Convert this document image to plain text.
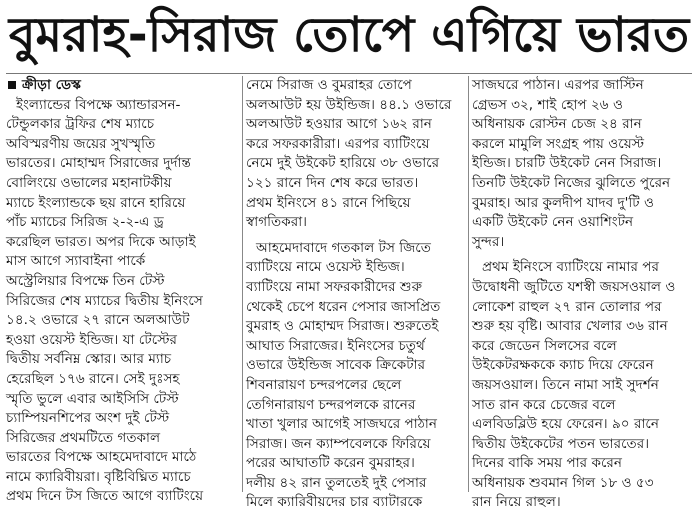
বুমরাহ-সিরাজ তোপে এগিয়ে ভারত
ক্রীড়া ডেস্ক
ইংল্যান্ডের বিপক্ষে অ্যান্ডারসন-
টেন্ডুলকার ট্রফির শেষ ম্যাচে
অবিস্মরণীয় জয়ের সুখস্মৃতি
ভারতের। মোহাম্মদ সিরাজের দুর্দান্ত
বোলিংয়ে ওভালের মহানাটকীয়
ম্যাচে ইংল্যান্ডকে ছয় রানে হারিয়ে
পাঁচ ম্যাচের সিরিজ ২-২-এ ড্র
করেছিল ভারত। অপর দিকে আড়াই
মাস আগে স্যাবাইনা পার্কে
অস্ট্রেলিয়ার বিপক্ষে তিন টেস্ট
সিরিজের শেষ ম্যাচের দ্বিতীয় ইনিংসে
১৪.২ ওভারে ২৭ রানে অলআউট
হওয়া ওয়েস্ট ইন্ডিজ। যা টেস্টের
দ্বিতীয় সর্বনিম্ন স্কোর। আর ম্যাচ
হেরেছিল ১৭৬ রানে। সেই দুঃসহ
স্মৃতি ভুলে এবার আইসিসি টেস্ট
চ্যাম্পিয়নশিপের অংশ দুই টেস্ট
সিরিজের প্রথমটিতে গতকাল
ভারতের বিপক্ষে আহমেদাবাদে মাঠে
নামে ক্যারিবীয়রা। বৃষ্টিবিঘ্নিত ম্যাচে
প্রথম দিনে টস জিতে আগে ব্যাটিংয়ে
নেমে সিরাজ ও বুমরাহর তোপে
অলআউট হয় উইন্ডিজ। ৪৪.১ ওভারে
অলআউট হওয়ার আগে ১৬২ রান
করে সফরকারীরা। এরপর ব্যাটিংয়ে
নেমে দুই উইকেট হারিয়ে ৩৮ ওভারে
১২১ রানে দিন শেষ করে ভারত।
প্রথম ইনিংসে ৪১ রানে পিছিয়ে
স্বাগতিকরা।
আহমেদাবাদে গতকাল টস জিতে
ব্যাটিংয়ে নামে ওয়েস্ট ইন্ডিজ।
ব্যাটিংয়ে নামা সফরকারীদের শুরু
থেকেই চেপে ধরেন পেসার জাসপ্রিত
বুমরাহ ও মোহাম্মদ সিরাজ। শুরুতেই
আঘাত সিরাজের। ইনিংসের চতুর্থ
ওভারে উইন্ডিজ সাবেক ক্রিকেটার
শিবনারায়ণ চন্দরপলের ছেলে
তেগিনারায়ণ চন্দরপলকে রানের
খাতা খুলার আগেই সাজঘরে পাঠান
সিরাজ। জন ক্যাম্পবেলকে ফিরিয়ে
পরের আঘাতটি করেন বুমরাহর।
দলীয় ৪২ রান তুলতেই দুই পেসার
মিলে ক্যারিবীয়দের চার ব্যাটারকে
সাজঘরে পাঠান। এরপর জাস্টিন
গ্রেভস ৩২, শাই হোপ ২৬ ও
অধিনায়ক রোস্টন চেজ ২৪ রান
করলে মামুলি সংগ্রহ পায় ওয়েস্ট
ইন্ডিজ। চারটি উইকেট নেন সিরাজ।
তিনটি উইকেট নিজের ঝুলিতে পুরেন
বুমরাহ। আর কুলদীপ যাদব দু'টি ও
একটি উইকেট নেন ওয়াশিংটন
সুন্দর।
প্রথম ইনিংসে ব্যাটিংয়ে নামার পর
উদ্বোধনী জুটিতে যশস্বী জয়সওয়াল ও
লোকেশ রাহুল ২৭ রান তোলার পর
শুরু হয় বৃষ্টি। আবার খেলার ৩৬ রান
করে জেডেন সিলসের বলে
উইকেটরক্ষককে ক্যাচ দিয়ে ফেরেন
জয়সওয়াল। তিনে নামা সাই সুদর্শন
সাত রান করে চেজের বলে
এলবিডব্লিউ হয়ে ফেরেন। ৯০ রানে
দ্বিতীয় উইকেটের পতন ভারতের।
দিনের বাকি সময় পার করেন
অধিনায়ক শুবমান গিল ১৮ ও ৫৩
রান নিয়ে রাহুল।
